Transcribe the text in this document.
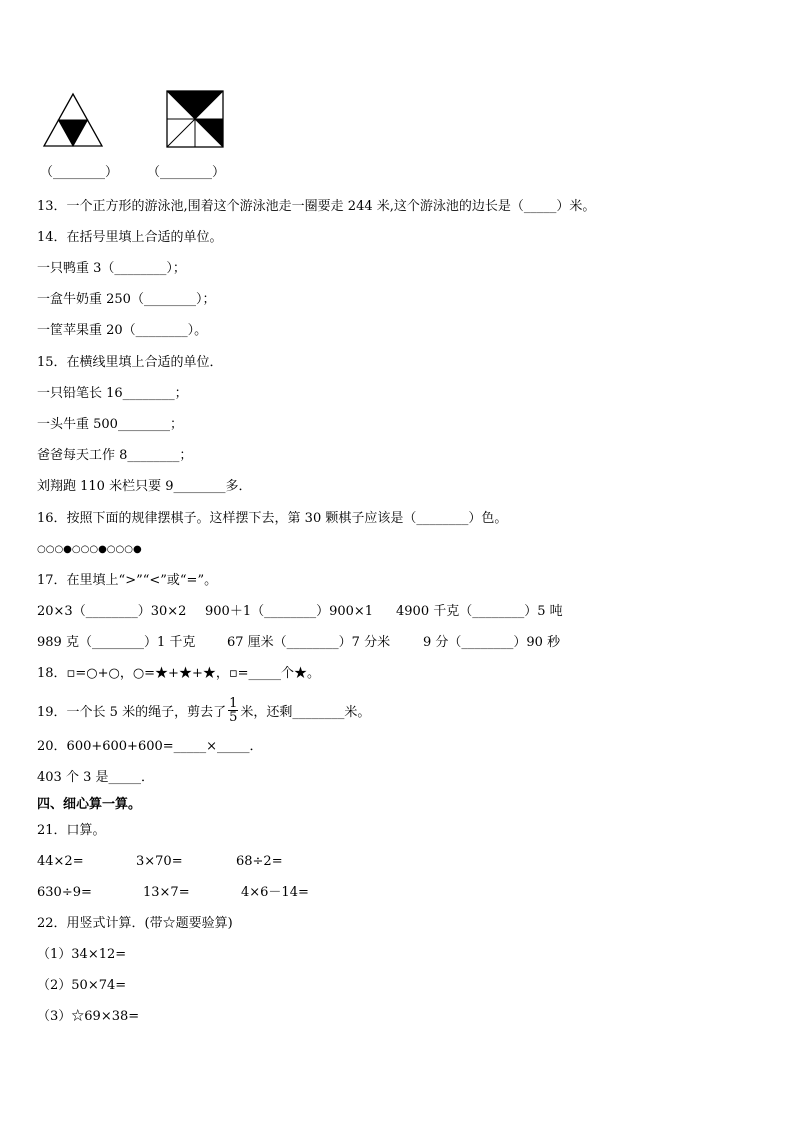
（________） （________）
13．一个正方形的游泳池,围着这个游泳池走一圈要走 244 米,这个游泳池的边长是（_____）米。
14．在括号里填上合适的单位。
一只鸭重 3（________）；
一盒牛奶重 250（________）；
一筐苹果重 20（________）。
15．在横线里填上合适的单位．
一只铅笔长 16________；
一头牛重 500________；
爸爸每天工作 8________；
刘翔跑 110 米栏只要 9________多．
16．按照下面的规律摆棋子。这样摆下去，第 30 颗棋子应该是（________）色。
○○○●○○○●○○○●
17．在里填上“>”“<”或“=”。
20×3（________）30×2 900＋1（________）900×1 4900 千克（________）5 吨
989 克（________）1 千克 67 厘米（________）7 分米	9 分（________）90 秒
18．▫=○+○，○=★+★+★，▫=_____个★。
19．一个长 5 米的绳子，剪去了 $\frac{1}{5}$ 米，还剩________米。
20．600+600+600=_____×_____．
403 个 3 是_____．
四、细心算一算。
21．口算。
44×2=	3×70=	68÷2=
630÷9=	13×7=	4×6－14=
22．用竖式计算．(带☆题要验算)
（1）34×12=
（2）50×74=
（3）☆69×38=
